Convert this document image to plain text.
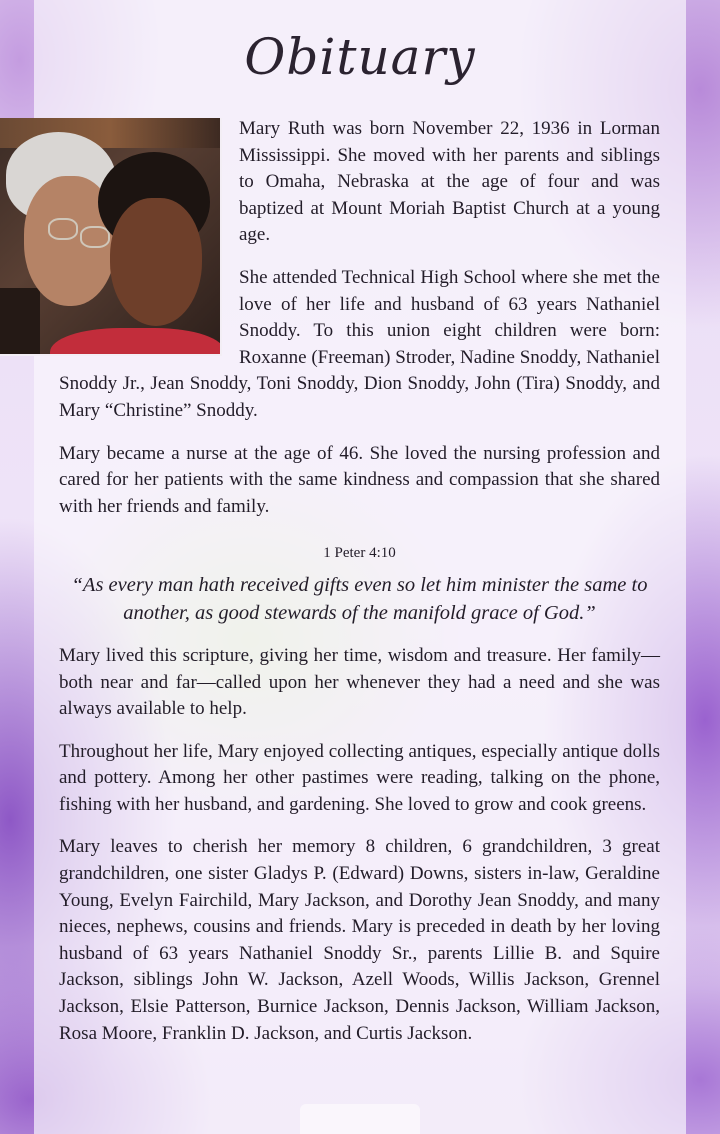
Obituary

Mary Ruth was born November 22, 1936 in Lorman Mississippi. She moved with her parents and siblings to Omaha, Nebraska at the age of four and was baptized at Mount Moriah Baptist Church at a young age.

She attended Technical High School where she met the love of her life and husband of 63 years Nathaniel Snoddy. To this union eight children were born: Roxanne (Freeman) Stroder, Nadine Snoddy, Nathaniel Snoddy Jr., Jean Snoddy, Toni Snoddy, Dion Snoddy, John (Tira) Snoddy, and Mary “Christine” Snoddy.

Mary became a nurse at the age of 46. She loved the nursing profession and cared for her patients with the same kindness and compassion that she shared with her friends and family.

1 Peter 4:10
“As every man hath received gifts even so let him minister the same to another, as good stewards of the manifold grace of God.”

Mary lived this scripture, giving her time, wisdom and treasure. Her family—both near and far—called upon her whenever they had a need and she was always available to help.

Throughout her life, Mary enjoyed collecting antiques, especially antique dolls and pottery. Among her other pastimes were reading, talking on the phone, fishing with her husband, and gardening. She loved to grow and cook greens.

Mary leaves to cherish her memory 8 children, 6 grandchildren, 3 great grandchildren, one sister Gladys P. (Edward) Downs, sisters in-law, Geraldine Young, Evelyn Fairchild, Mary Jackson, and Dorothy Jean Snoddy, and many nieces, nephews, cousins and friends. Mary is preceded in death by her loving husband of 63 years Nathaniel Snoddy Sr., parents Lillie B. and Squire Jackson, siblings John W. Jackson, Azell Woods, Willis Jackson, Grennel Jackson, Elsie Patterson, Burnice Jackson, Dennis Jackson, William Jackson, Rosa Moore, Franklin D. Jackson, and Curtis Jackson.
